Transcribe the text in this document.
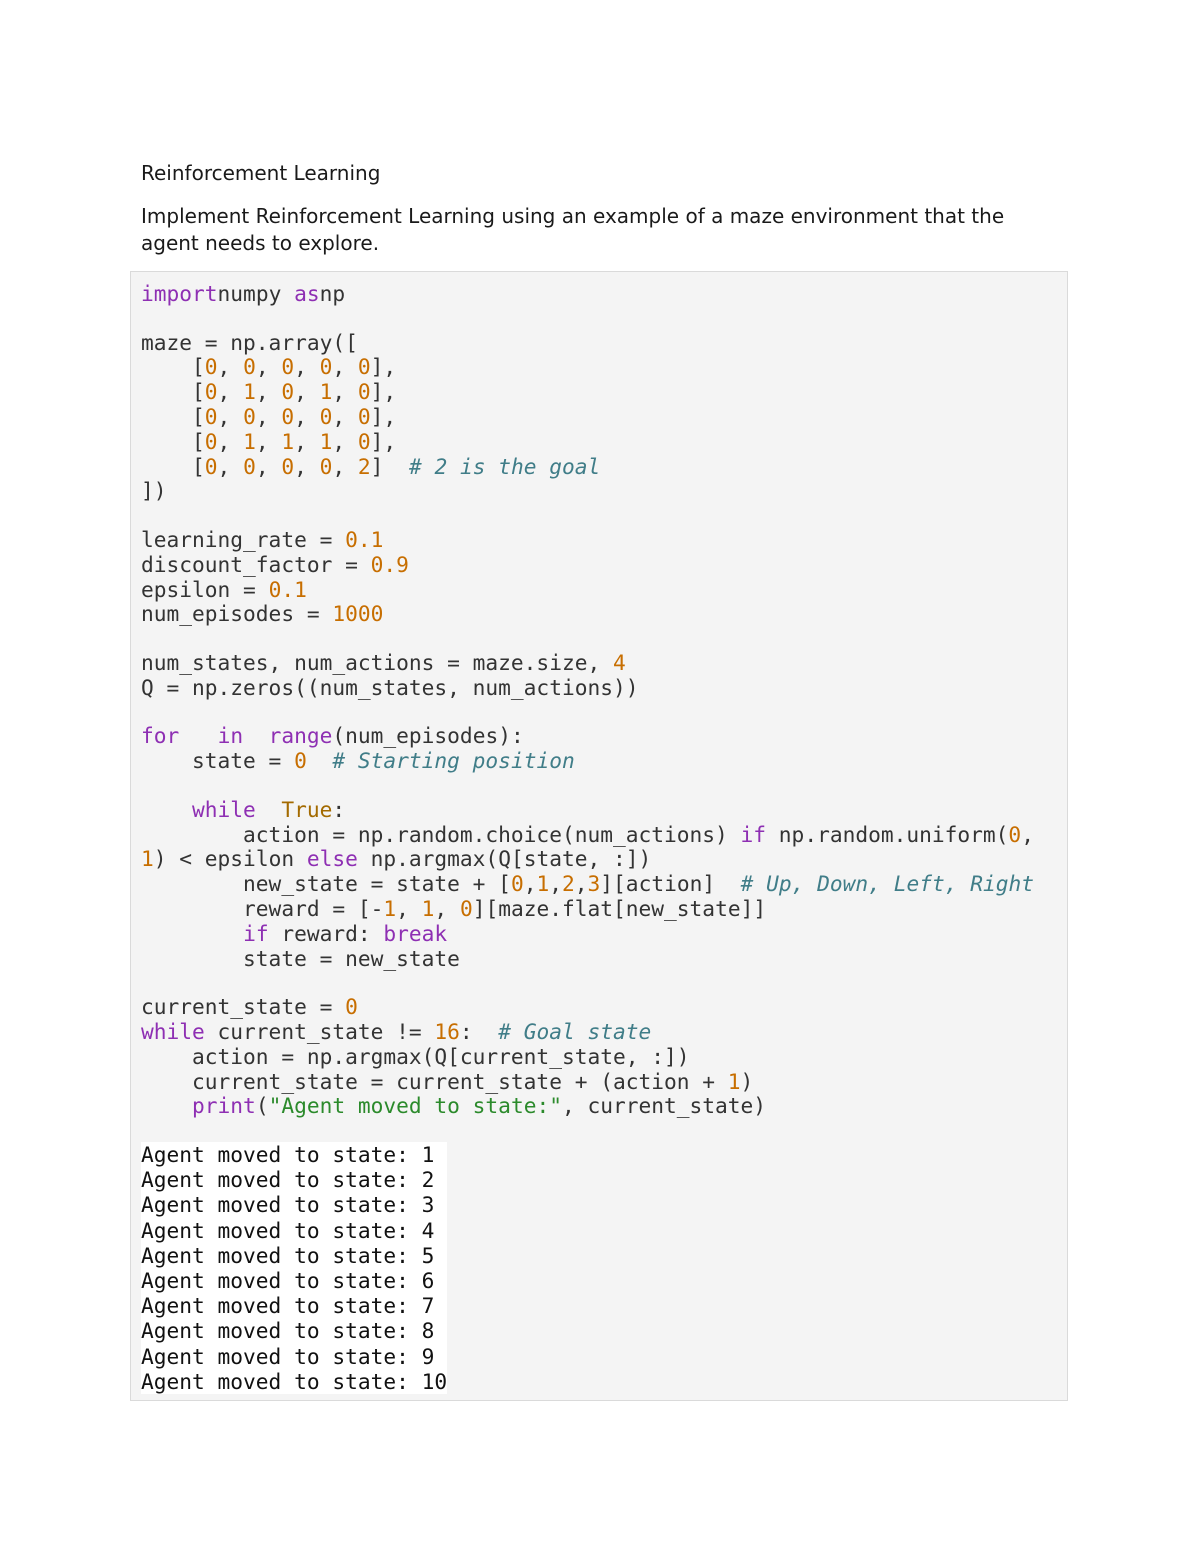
Reinforcement Learning
Implement Reinforcement Learning using an example of a maze environment that the agent needs to explore.
importnumpy asnp
maze = np.array([
[0, 0, 0, 0, 0],
[0, 1, 0, 1, 0],
[0, 0, 0, 0, 0],
[0, 1, 1, 1, 0],
[0, 0, 0, 0, 2]  # 2 is the goal
])
learning_rate = 0.1
discount_factor = 0.9
epsilon = 0.1
num_episodes = 1000
num_states, num_actions = maze.size, 4
Q = np.zeros((num_states, num_actions))
for in range(num_episodes):
state = 0 # Starting position
while True:
action = np.random.choice(num_actions) if np.random.uniform(0,
1) < epsilon else np.argmax(Q[state, :])
new_state = state + [0,1,2,3][action]  # Up, Down, Left, Right
reward = [-1, 1, 0][maze.flat[new_state]]
if reward: break
state = new_state
current_state = 0
while current_state != 16:  # Goal state
action = np.argmax(Q[current_state, :])
current_state = current_state + (action + 1)
print("Agent moved to state:", current_state)
Agent moved to state: 1
Agent moved to state: 2
Agent moved to state: 3
Agent moved to state: 4
Agent moved to state: 5
Agent moved to state: 6
Agent moved to state: 7
Agent moved to state: 8
Agent moved to state: 9
Agent moved to state: 10
